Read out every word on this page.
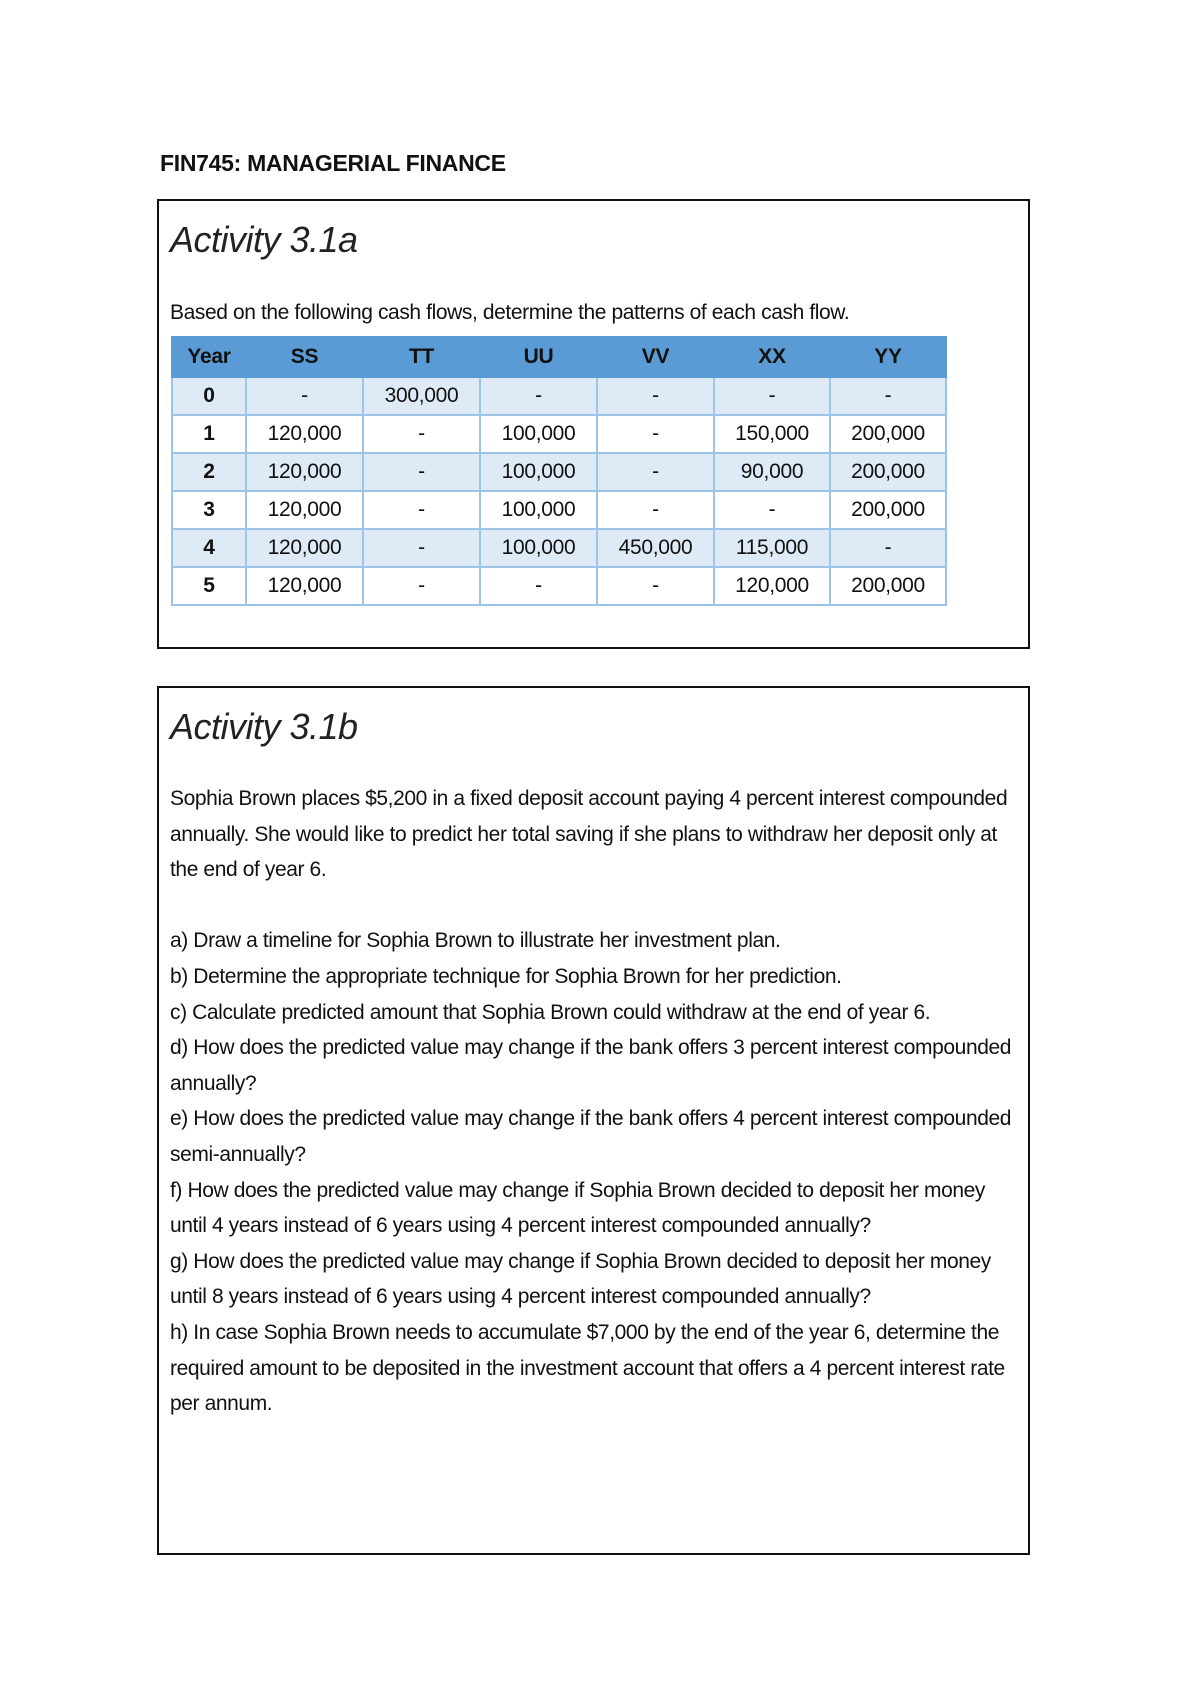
FIN745: MANAGERIAL FINANCE
Activity 3.1a
Based on the following cash flows, determine the patterns of each cash flow.
Year	SS	TT	UU	VV	XX	YY
0	-	300,000	-	-	-	-
1	120,000	-	100,000	-	150,000	200,000
2	120,000	-	100,000	-	90,000	200,000
3	120,000	-	100,000	-	-	200,000
4	120,000	-	100,000	450,000	115,000	-
5	120,000	-	-	-	120,000	200,000
Activity 3.1b

Sophia Brown places $5,200 in a fixed deposit account paying 4 percent interest compounded annually. She would like to predict her total saving if she plans to withdraw her deposit only at the end of year 6.

a) Draw a timeline for Sophia Brown to illustrate her investment plan.

b) Determine the appropriate technique for Sophia Brown for her prediction.

c) Calculate predicted amount that Sophia Brown could withdraw at the end of year 6.

d) How does the predicted value may change if the bank offers 3 percent interest compounded annually?

e) How does the predicted value may change if the bank offers 4 percent interest compounded semi-annually?

f) How does the predicted value may change if Sophia Brown decided to deposit her money until 4 years instead of 6 years using 4 percent interest compounded annually?

g) How does the predicted value may change if Sophia Brown decided to deposit her money until 8 years instead of 6 years using 4 percent interest compounded annually?

h) In case Sophia Brown needs to accumulate $7,000 by the end of the year 6, determine the required amount to be deposited in the investment account that offers a 4 percent interest rate per annum.
